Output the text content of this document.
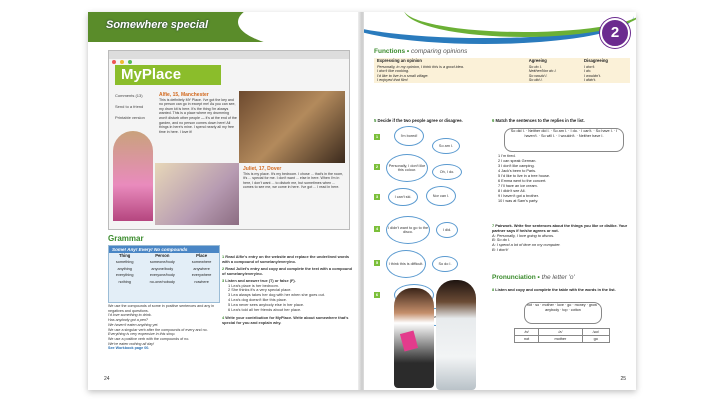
Somewhere special
MyPlace
Comments (13)
Send to a friend
Printable version
Alfie, 15, Manchester
This is definitely MY Place. I've got the key and no person can go in except me! As you can see, my drum kit is here. It's the thing I'm always wanted. This is a place where my drumming won't disturb other people — it's at the end of the garden, and no person comes down here! All things in here's mine. I spend nearly all my free time in here. I love it!
Juliet, 17, Dover
This is my place. It's my bedroom. I chose ... that's in the room, it's ... special for me. I don't want ... else in here. When I'm in here, I don't want ... to disturb me, but sometimes when ... comes to see me, we come in here. I've got ... I read in here.
Grammar
Some! Any! Every! No compounds
Thing	Person	Place
something	someone/body	somewhere
anything	anyone/body	anywhere
everything	everyone/body	everywhere
nothing	no-one/nobody	nowhere
We use the compounds of some in positive sentences and any in negatives and questions.
I'd love something to drink.
Has anybody got a pen?
We haven't eaten anything yet.
We use a singular verb after the compounds of every and no.
Everything is very expensive in this shop.
We use a positive verb with the compounds of no.
We've eaten nothing all day!
See Workbook page 00.
1 Read Alfie's entry on the website and replace the underlined words with a compound of some/any/every/no.
2 Read Juliet's entry and copy and complete the text with a compound of some/any/every/no.
3 Listen and answer true (T) or false (F).
1 Lea's place is her bedroom.
2 She thinks it's a very special place.
3 Lea always takes her dog with her when she goes out.
4 Lea's dog doesn't like this place.
5 Lea never sees anybody else in her place.
6 Lea's told all her friends about her place.
4 Write your contribution for MyPlace. Write about somewhere that's special for you and explain why.
24
2
Functions • comparing opinions
Expressing an opinion	Agreeing	Disagreeing
Personally, in my opinion, I think this is a good idea.	So do I.	I don't.
I don't like cooking.	Neither/Nor do I.	I do.
I'd like to live in a small village.	So would I.	I wouldn't.
I enjoyed that film!	So did I.	I didn't.
5 Decide if the two people agree or disagree.
1	I'm bored!
So am I.
2	Personally, I don't like this colour.	Oh, I do.
3	I can't ski.	Nor can I.
4	I didn't want to go to the disco.	I did.
5	I think this is difficult.	So do I.
6
6 Match the sentences to the replies in the list.
So did I. · Neither did I. · So am I. · I do. · I can't. · So have I. · I haven't. · So will I. · I wouldn't. · Neither have I.
1 I'm tired.
2 I can speak German.
3 I don't like camping.
4 Jack's been to Paris.
5 I'd like to live in a tree house.
6 Emma went to the concert.
7 I'll have an ice cream.
8 I didn't see Ali.
9 I haven't got a brother.
10 I was at Sam's party.
7 Pairwork. Write five sentences about the things you like or dislike. Your partner says if he/she agrees or not.
A: Personally, I love going to discos.
B: So do I.
A: I spend a lot of time on my computer.
B: I don't!
Pronunciation • the letter 'o'
8 Listen and copy and complete the table with the words in the list.
not · so · mother · love · go · money · grow · anybody · top · cotton
/ɒ/	/ʌ/	/əʊ/
not	mother	go
25
